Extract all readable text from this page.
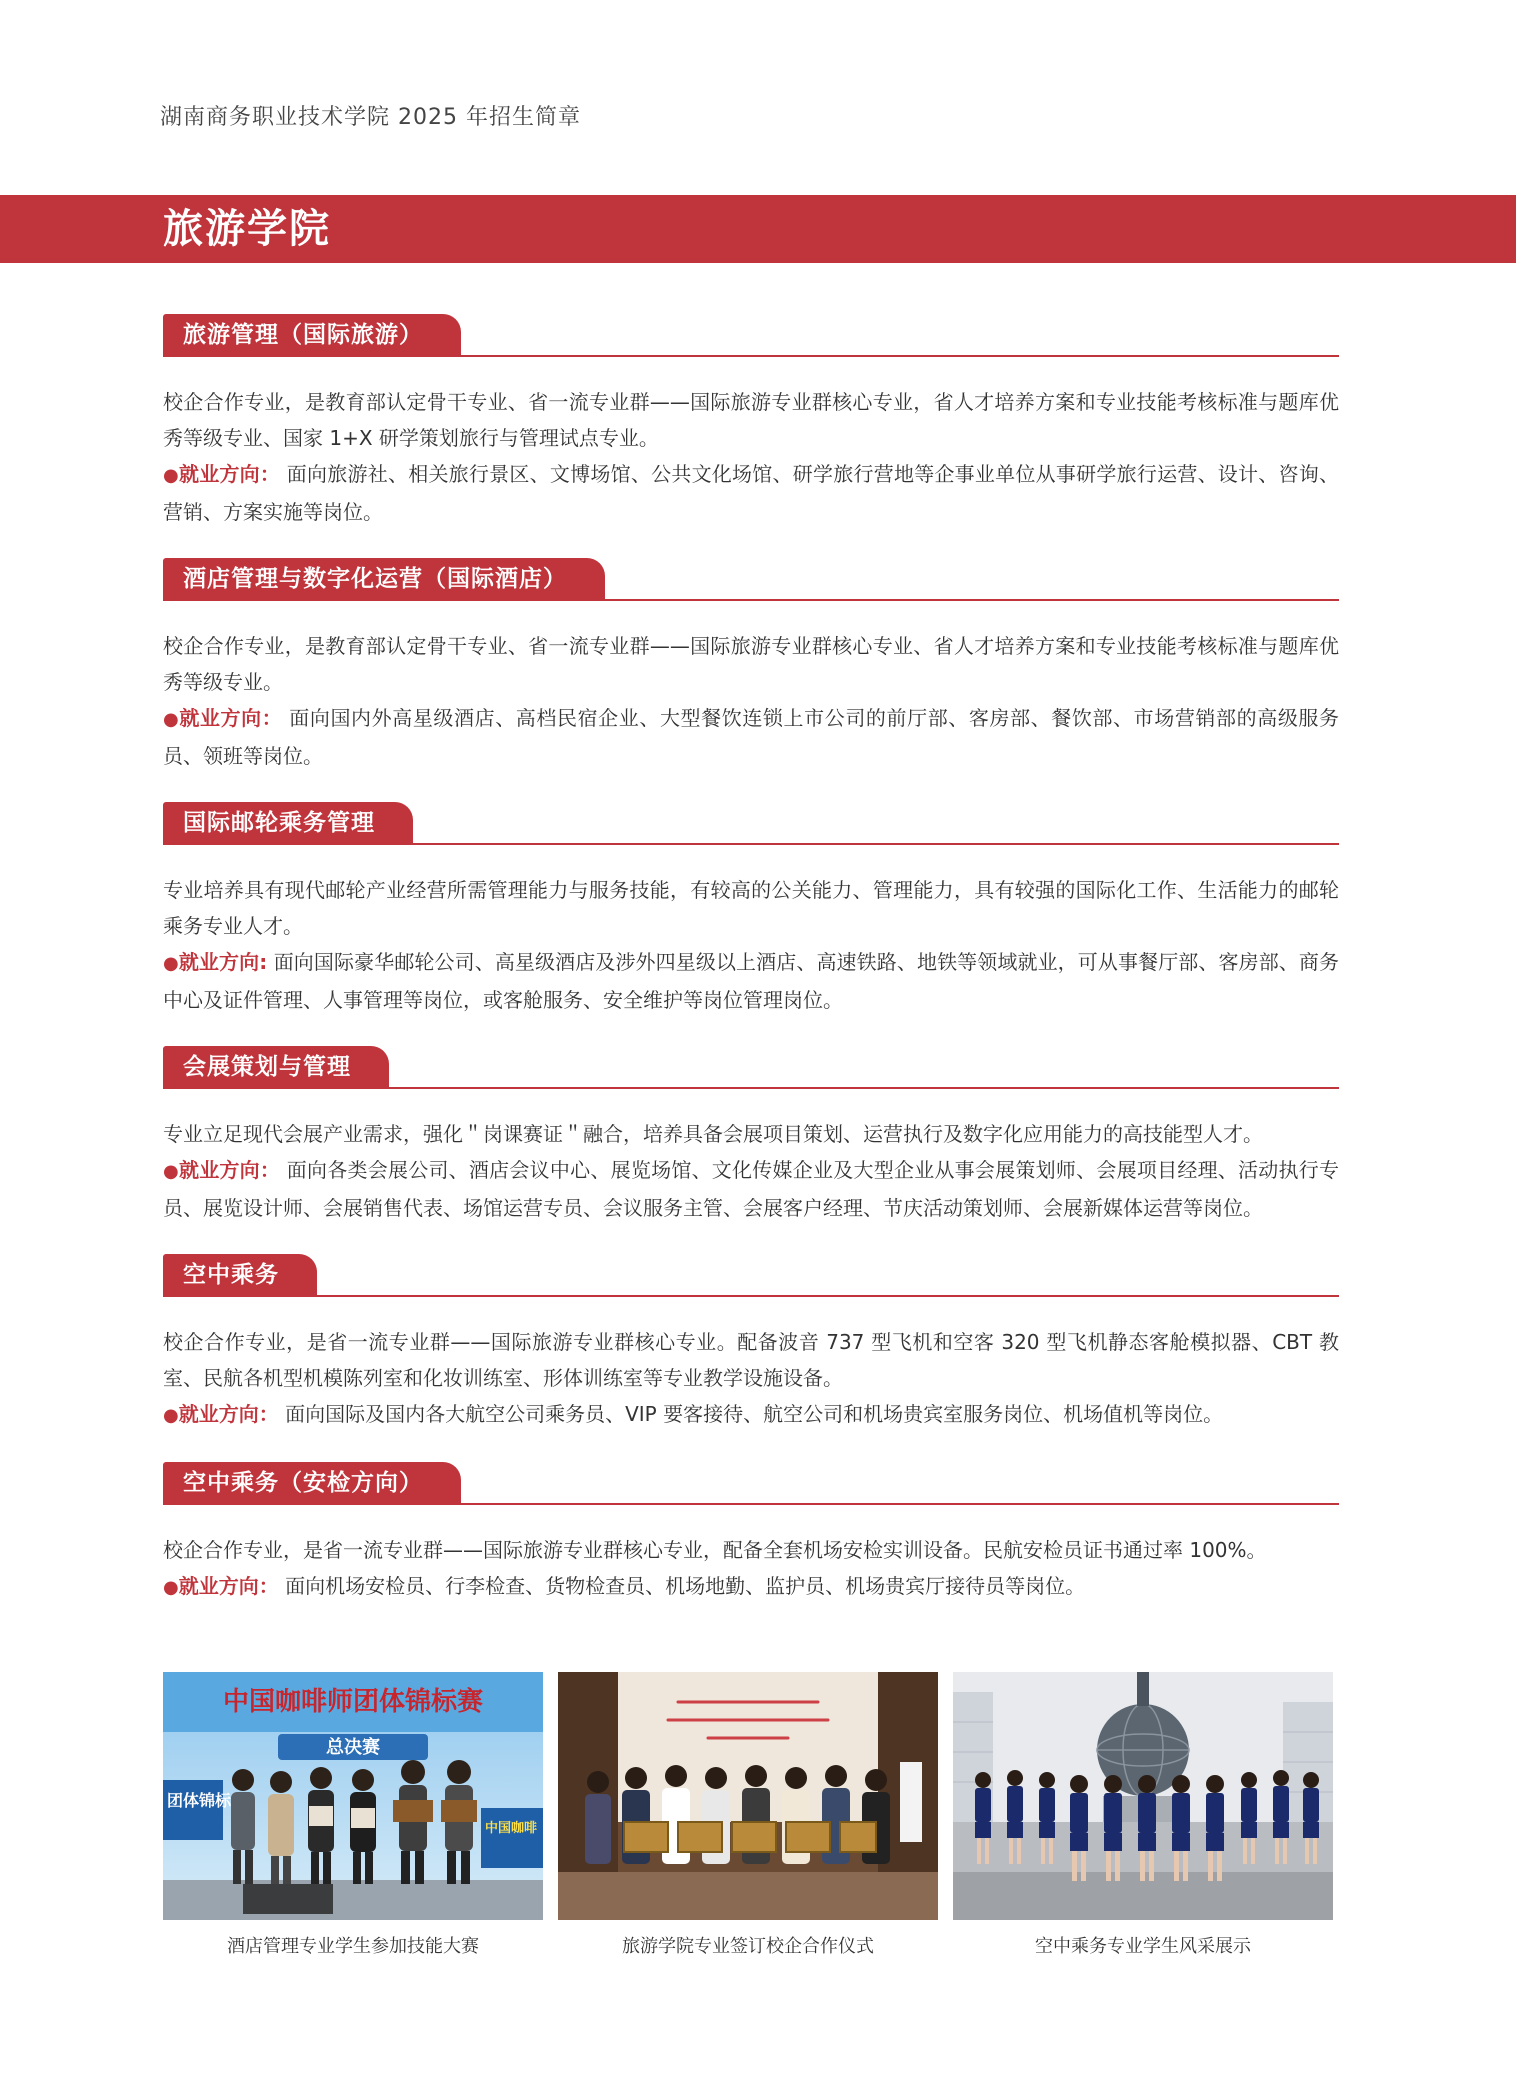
湖南商务职业技术学院 2025 年招生简章
旅游学院
旅游管理（国际旅游）

校企合作专业，是教育部认定骨干专业、省一流专业群——国际旅游专业群核心专业，省人才培养方案和专业技能考核标准与题库优秀等级专业、国家 1+X 研学策划旅行与管理试点专业。

●就业方向： 面向旅游社、相关旅行景区、文博场馆、公共文化场馆、研学旅行营地等企事业单位从事研学旅行运营、设计、咨询、营销、方案实施等岗位。

酒店管理与数字化运营（国际酒店）

校企合作专业，是教育部认定骨干专业、省一流专业群——国际旅游专业群核心专业、省人才培养方案和专业技能考核标准与题库优秀等级专业。

●就业方向： 面向国内外高星级酒店、高档民宿企业、大型餐饮连锁上市公司的前厅部、客房部、餐饮部、市场营销部的高级服务员、领班等岗位。

国际邮轮乘务管理

专业培养具有现代邮轮产业经营所需管理能力与服务技能，有较高的公关能力、管理能力，具有较强的国际化工作、生活能力的邮轮乘务专业人才。

●就业方向: 面向国际豪华邮轮公司、高星级酒店及涉外四星级以上酒店、高速铁路、地铁等领域就业，可从事餐厅部、客房部、商务中心及证件管理、人事管理等岗位，或客舱服务、安全维护等岗位管理岗位。

会展策划与管理

专业立足现代会展产业需求，强化＂岗课赛证＂融合，培养具备会展项目策划、运营执行及数字化应用能力的高技能型人才。

●就业方向： 面向各类会展公司、酒店会议中心、展览场馆、文化传媒企业及大型企业从事会展策划师、会展项目经理、活动执行专员、展览设计师、会展销售代表、场馆运营专员、会议服务主管、会展客户经理、节庆活动策划师、会展新媒体运营等岗位。

空中乘务

校企合作专业，是省一流专业群——国际旅游专业群核心专业。配备波音 737 型飞机和空客 320 型飞机静态客舱模拟器、CBT 教室、民航各机型机模陈列室和化妆训练室、形体训练室等专业教学设施设备。

●就业方向： 面向国际及国内各大航空公司乘务员、VIP 要客接待、航空公司和机场贵宾室服务岗位、机场值机等岗位。

空中乘务（安检方向）

校企合作专业，是省一流专业群——国际旅游专业群核心专业，配备全套机场安检实训设备。民航安检员证书通过率 100%。

●就业方向： 面向机场安检员、行李检查、货物检查员、机场地勤、监护员、机场贵宾厅接待员等岗位。

中国咖啡师团体锦标赛
总决赛
团体锦标
中国咖啡
酒店管理专业学生参加技能大赛	旅游学院专业签订校企合作仪式	空中乘务专业学生风采展示
